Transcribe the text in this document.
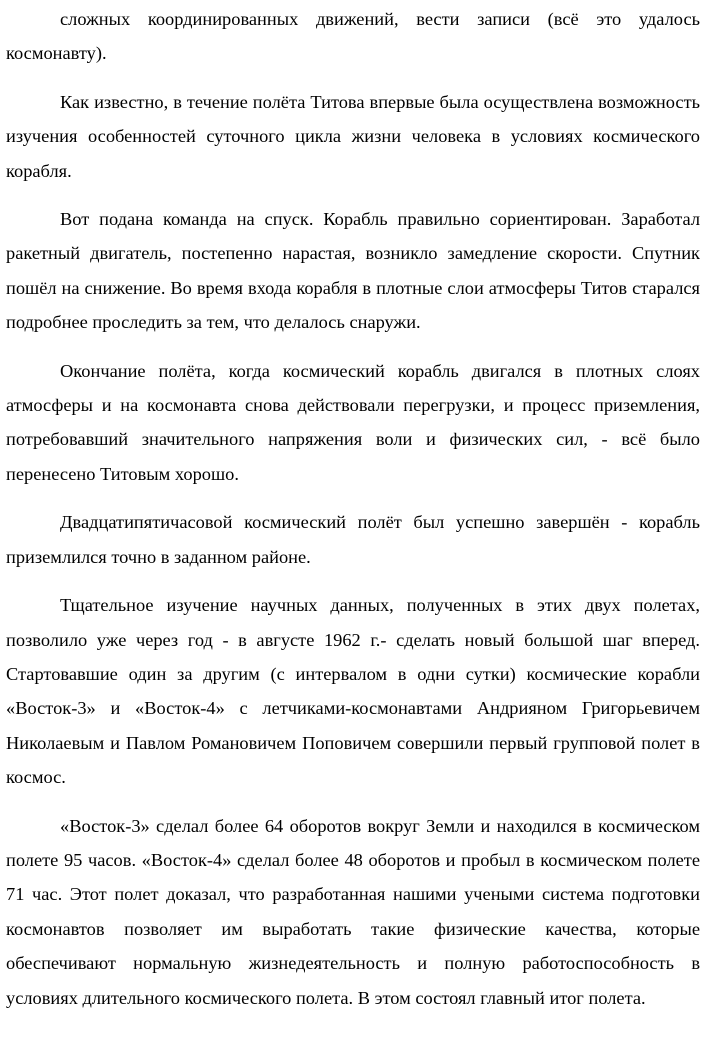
сложных координированных движений, вести записи (всё это удалось космонавту).

Как известно, в течение полёта Титова впервые была осуществлена возможность изучения особенностей суточного цикла жизни человека в условиях космического корабля.

Вот подана команда на спуск. Корабль правильно сориентирован. Заработал ракетный двигатель, постепенно нарастая, возникло замедление скорости. Спутник пошёл на снижение. Во время входа корабля в плотные слои атмосферы Титов старался подробнее проследить за тем, что делалось снаружи.

Окончание полёта, когда космический корабль двигался в плотных слоях атмосферы и на космонавта снова действовали перегрузки, и процесс приземления, потребовавший значительного напряжения воли и физических сил, - всё было перенесено Титовым хорошо.

Двадцатипятичасовой космический полёт был успешно завершён - корабль приземлился точно в заданном районе.

Тщательное изучение научных данных, полученных в этих двух полетах, позволило уже через год - в августе 1962 г.- сделать новый большой шаг вперед. Стартовавшие один за другим (с интервалом в одни сутки) космические корабли «Восток-3» и «Восток-4» с летчиками-космонавтами Андрияном Григорьевичем Николаевым и Павлом Романовичем Поповичем совершили первый групповой полет в космос.

«Восток-3» сделал более 64 оборотов вокруг Земли и находился в космическом полете 95 часов. «Восток-4» сделал более 48 оборотов и пробыл в космическом полете 71 час. Этот полет доказал, что разработанная нашими учеными система подготовки космонавтов позволяет им выработать такие физические качества, которые обеспечивают нормальную жизнедеятельность и полную работоспособность в условиях длительного космического полета. В этом состоял главный итог полета.
